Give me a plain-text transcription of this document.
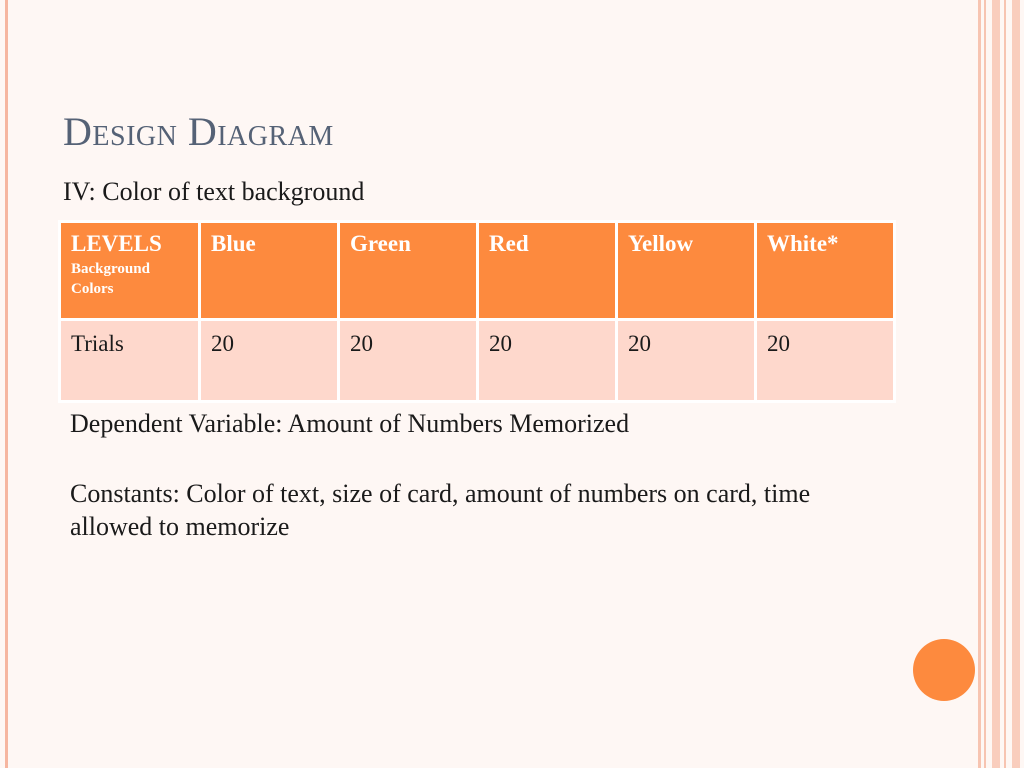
Design Diagram
IV: Color of text background
LEVELS
Background Colors	Blue	Green	Red	Yellow	White*
Trials	20	20	20	20	20
Dependent Variable: Amount of Numbers Memorized
Constants: Color of text, size of card, amount of numbers on card, time allowed to memorize
